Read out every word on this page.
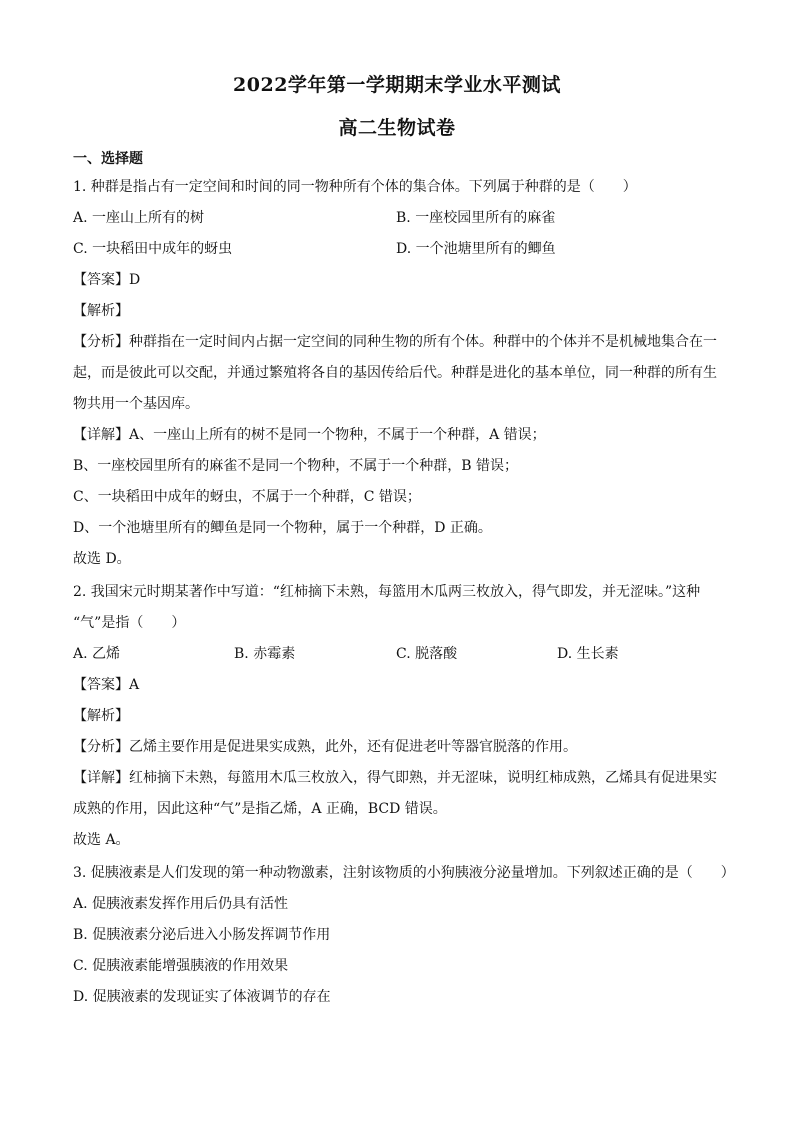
2022学年第一学期期末学业水平测试
高二生物试卷
一、选择题
1. 种群是指占有一定空间和时间的同一物种所有个体的集合体。下列属于种群的是（　　）
A. 一座山上所有的树	B. 一座校园里所有的麻雀
C. 一块稻田中成年的蚜虫	D. 一个池塘里所有的鲫鱼
【答案】D
【解析】
【分析】种群指在一定时间内占据一定空间的同种生物的所有个体。种群中的个体并不是机械地集合在一
起，而是彼此可以交配，并通过繁殖将各自的基因传给后代。种群是进化的基本单位，同一种群的所有生
物共用一个基因库。
【详解】A、一座山上所有的树不是同一个物种，不属于一个种群，A 错误；
B、一座校园里所有的麻雀不是同一个物种，不属于一个种群，B 错误；
C、一块稻田中成年的蚜虫，不属于一个种群，C 错误；
D、一个池塘里所有的鲫鱼是同一个物种，属于一个种群，D 正确。
故选 D。
2. 我国宋元时期某著作中写道：“红柿摘下未熟，每篮用木瓜两三枚放入，得气即发，并无涩味。”这种
“气”是指（　　）
A. 乙烯	B. 赤霉素	C. 脱落酸	D. 生长素
【答案】A
【解析】
【分析】乙烯主要作用是促进果实成熟，此外，还有促进老叶等器官脱落的作用。
【详解】红柿摘下未熟，每篮用木瓜三枚放入，得气即熟，并无涩味，说明红柿成熟，乙烯具有促进果实
成熟的作用，因此这种“气”是指乙烯，A 正确，BCD 错误。
故选 A。
3. 促胰液素是人们发现的第一种动物激素，注射该物质的小狗胰液分泌量增加。下列叙述正确的是（　　）
A. 促胰液素发挥作用后仍具有活性
B. 促胰液素分泌后进入小肠发挥调节作用
C. 促胰液素能增强胰液的作用效果
D. 促胰液素的发现证实了体液调节的存在
